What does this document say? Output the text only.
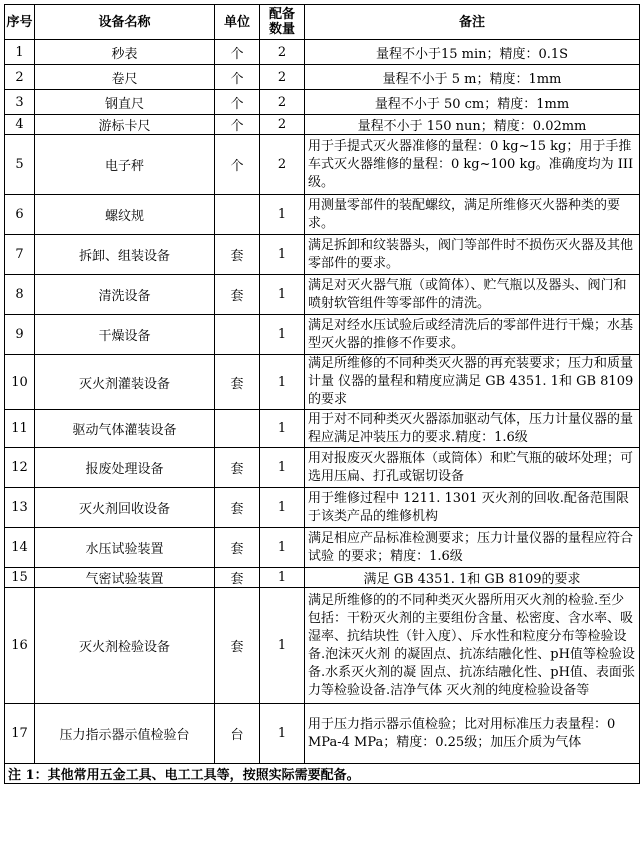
序号	设备名称	单位	配备数量	备注
1	秒表	个	2	量程不小于15 min；精度：0.1S
2	卷尺	个	2	量程不小于 5 m；精度：1mm
3	钢直尺	个	2	量程不小于 50 cm；精度：1mm
4	游标卡尺	个	2	量程不小于 150 nun；精度：0.02mm
5	电子秤	个	2	用于手提式灭火器准修的量程：0 kg~15 kg；用于手推车式灭火器维修的量程：0 kg~100 kg。准确度均为 III 级。
6	螺纹规		1	用测量零部件的装配螺纹，满足所维修灭火器种类的要求。
7	拆卸、组装设备	套	1	满足拆卸和纹装器头，阀门等部件时不损伤灭火器及其他零部件的要求。
8	清洗设备	套	1	满足对灭火器气瓶（或简体）、贮气瓶以及器头、阀门和喷射软管组件等零部件的清洗。
9	干燥设备		1	满足对经水压试验后或经清洗后的零部件进行干燥；水基型灭火器的推修不作要求。
10	灭火剂灌装设备	套	1	满足所维修的不同种类灭火器的再充装要求；压力和质量计量 仪器的量程和精度应满足 GB 4351. 1和 GB 8109的要求
11	驱动气体灌装设备		1	用于对不同种类灭火器添加驱动气体，压力计量仪器的量程应满足冲装压力的要求.精度：1.6级
12	报废处理设备	套	1	用对报废灭火器瓶体（或筒体）和贮气瓶的破坏处理；可选用压扁、打孔或锯切设备
13	灭火剂回收设备	套	1	用于维修过程中 1211. 1301 灭火剂的回收.配备范围限于该类产品的维修机构
14	水压试验装置	套	1	满足相应产品标准检测要求；压力计量仪器的量程应符合试验 的要求；精度：1.6级
15	气密试验装置	套	1	满足 GB 4351. 1和 GB 8109的要求
16	灭火剂检验设备	套	1	满足所维修的的不同种类灭火器所用灭火剂的检验.至少包括：干粉灭火剂的主要组份含量、松密度、含水率、吸湿率、抗结块性（针入度）、斥水性和粒度分布等检验设备.泡沫灭火剂 的凝固点、抗冻结融化性、pH值等检验设备.水系灭火剂的凝 固点、抗冻结融化性、pH值、表面张力等检验设备.洁净气体 灭火剂的纯度检验设备等
17	压力指示器示值检验台	台	1	用于压力指示器示值检验；比对用标准压力表量程：0 MPa-4 MPa；精度：0.25级；加压介质为气体
注 1：其他常用五金工具、电工工具等，按照实际需要配备。				
